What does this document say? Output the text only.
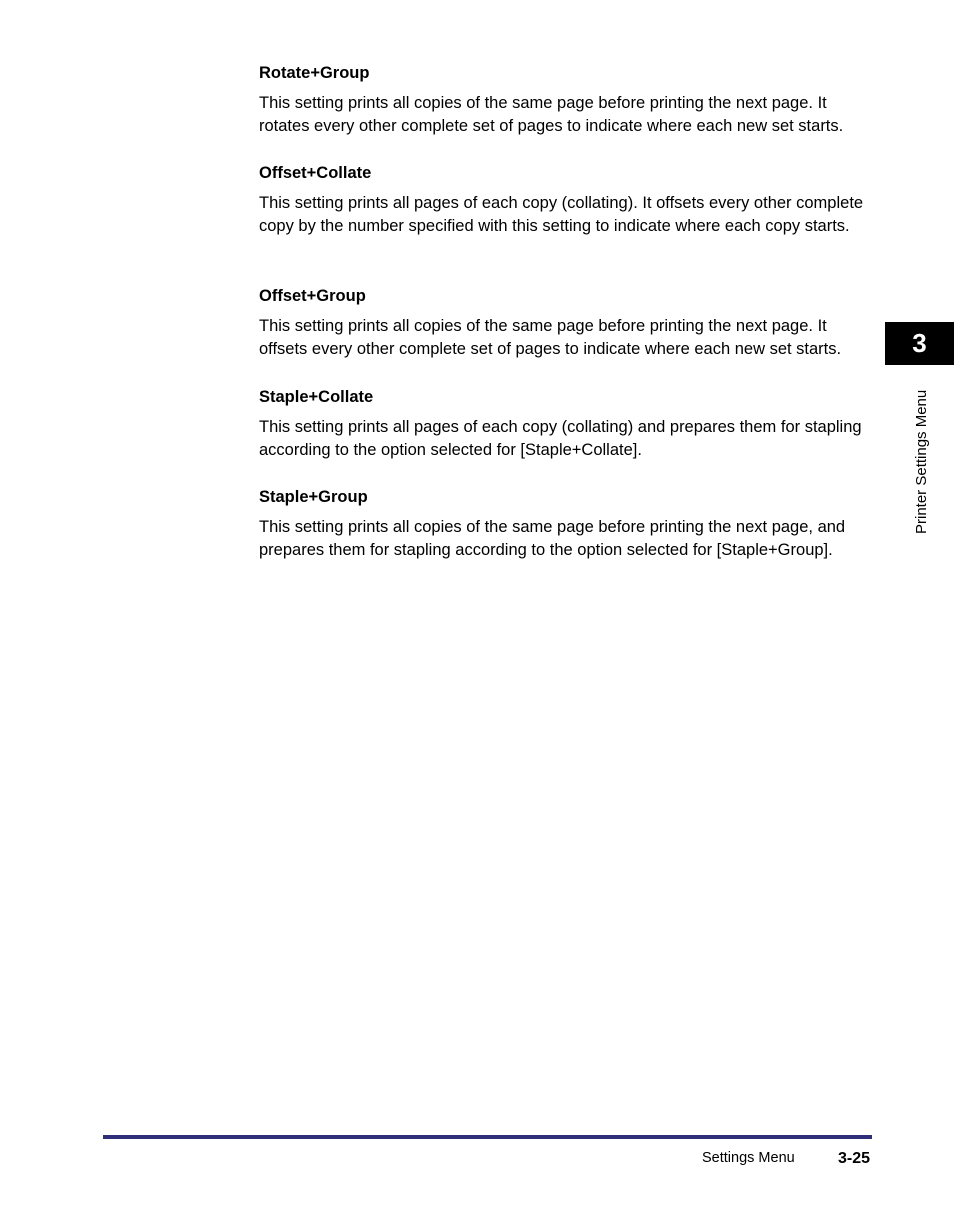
Rotate+Group

This setting prints all copies of the same page before printing the next page. It rotates every other complete set of pages to indicate where each new set starts.

Offset+Collate

This setting prints all pages of each copy (collating). It offsets every other complete copy by the number specified with this setting to indicate where each copy starts.

Offset+Group

This setting prints all copies of the same page before printing the next page. It offsets every other complete set of pages to indicate where each new set starts.

Staple+Collate

This setting prints all pages of each copy (collating) and prepares them for stapling according to the option selected for [Staple+Collate].

Staple+Group

This setting prints all copies of the same page before printing the next page, and prepares them for stapling according to the option selected for [Staple+Group].

3
Printer Settings Menu
Settings Menu	3-25
